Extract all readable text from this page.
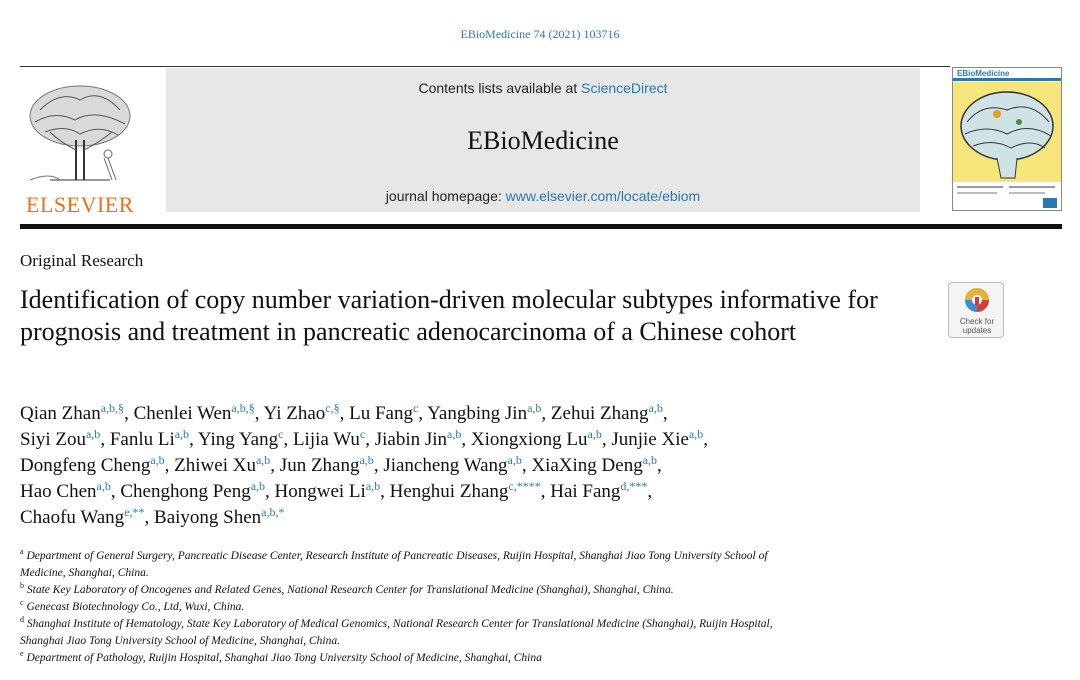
EBioMedicine 74 (2021) 103716
ELSEVIER
Contents lists available at ScienceDirect
EBioMedicine
journal homepage: www.elsevier.com/locate/ebiom
EBioMedicine
Original Research
Identification of copy number variation-driven molecular subtypes informative for prognosis and treatment in pancreatic adenocarcinoma of a Chinese cohort	Check for
updates
Qian Zhan$^{a,b,\S}$, Chenlei Wen$^{a,b,\S}$, Yi Zhao$^{c,\S}$, Lu Fang$^c$, Yangbing Jin$^{a,b}$, Zehui Zhang$^{a,b}$,
Siyi Zou$^{a,b}$, Fanlu Li$^{a,b}$, Ying Yang$^c$, Lijia Wu$^c$, Jiabin Jin$^{a,b}$, Xiongxiong Lu$^{a,b}$, Junjie Xie$^{a,b}$,
Dongfeng Cheng$^{a,b}$, Zhiwei Xu$^{a,b}$, Jun Zhang$^{a,b}$, Jiancheng Wang$^{a,b}$, XiaXing Deng$^{a,b}$,
Hao Chen$^{a,b}$, Chenghong Peng$^{a,b}$, Hongwei Li$^{a,b}$, Henghui Zhang$^{c,****}$, Hai Fang$^{d,***}$,
Chaofu Wang$^{e,**}$, Baiyong Shen$^{a,b,*}$
$^a$ Department of General Surgery, Pancreatic Disease Center, Research Institute of Pancreatic Diseases, Ruijin Hospital, Shanghai Jiao Tong University School of
Medicine, Shanghai, China.
$^b$ State Key Laboratory of Oncogenes and Related Genes, National Research Center for Translational Medicine (Shanghai), Shanghai, China.
$^c$ Genecast Biotechnology Co., Ltd, Wuxi, China.
$^d$ Shanghai Institute of Hematology, State Key Laboratory of Medical Genomics, National Research Center for Translational Medicine (Shanghai), Ruijin Hospital,
Shanghai Jiao Tong University School of Medicine, Shanghai, China.
$^e$ Department of Pathology, Ruijin Hospital, Shanghai Jiao Tong University School of Medicine, Shanghai, China
